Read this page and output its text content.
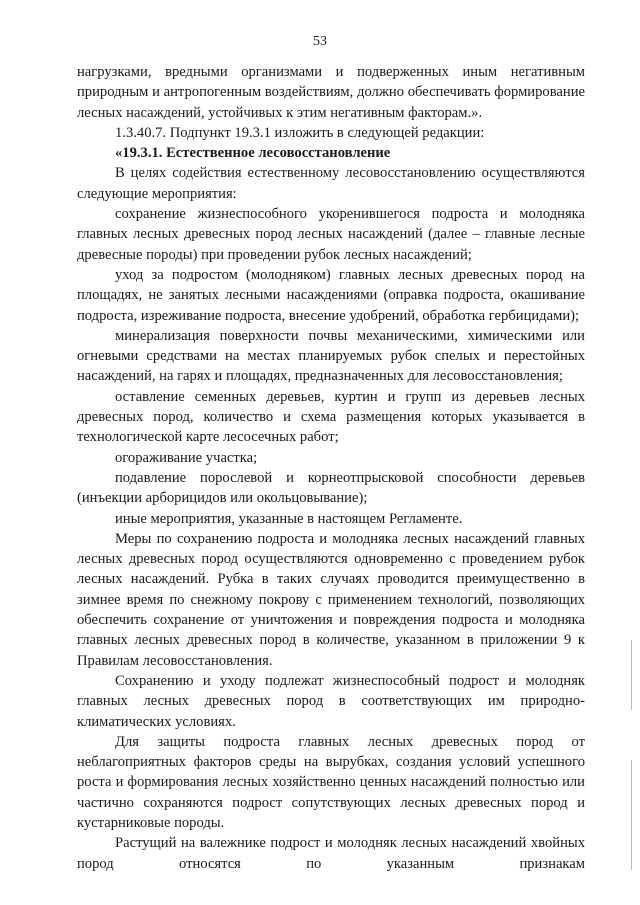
53

нагрузками, вредными организмами и подверженных иным негативным природным и антропогенным воздействиям, должно обеспечивать формирование лесных насаждений, устойчивых к этим негативным факторам.».

1.3.40.7. Подпункт 19.3.1 изложить в следующей редакции:

«19.3.1. Естественное лесовосстановление

В целях содействия естественному лесовосстановлению осуществляются следующие мероприятия:

сохранение жизнеспособного укоренившегося подроста и молодняка главных лесных древесных пород лесных насаждений (далее – главные лесные древесные породы) при проведении рубок лесных насаждений;

уход за подростом (молодняком) главных лесных древесных пород на площадях, не занятых лесными насаждениями (оправка подроста, окашивание подроста, изреживание подроста, внесение удобрений, обработка гербицидами);

минерализация поверхности почвы механическими, химическими или огневыми средствами на местах планируемых рубок спелых и перестойных насаждений, на гарях и площадях, предназначенных для лесовосстановления;

оставление семенных деревьев, куртин и групп из деревьев лесных древесных пород, количество и схема размещения которых указывается в технологической карте лесосечных работ;

огораживание участка;

подавление порослевой и корнеотпрысковой способности деревьев (инъекции арборицидов или окольцовывание);

иные мероприятия, указанные в настоящем Регламенте.

Меры по сохранению подроста и молодняка лесных насаждений главных лесных древесных пород осуществляются одновременно с проведением рубок лесных насаждений. Рубка в таких случаях проводится преимущественно в зимнее время по снежному покрову с применением технологий, позволяющих обеспечить сохранение от уничтожения и повреждения подроста и молодняка главных лесных древесных пород в количестве, указанном в приложении 9 к Правилам лесовосстановления.

Сохранению и уходу подлежат жизнеспособный подрост и молодняк главных лесных древесных пород в соответствующих им природно-климатических условиях.

Для защиты подроста главных лесных древесных пород от неблагоприятных факторов среды на вырубках, создания условий успешного роста и формирования лесных хозяйственно ценных насаждений полностью или частично сохраняются подрост сопутствующих лесных древесных пород и кустарниковые породы.

Растущий на валежнике подрост и молодняк лесных насаждений хвойных пород относятся по указанным признакам
